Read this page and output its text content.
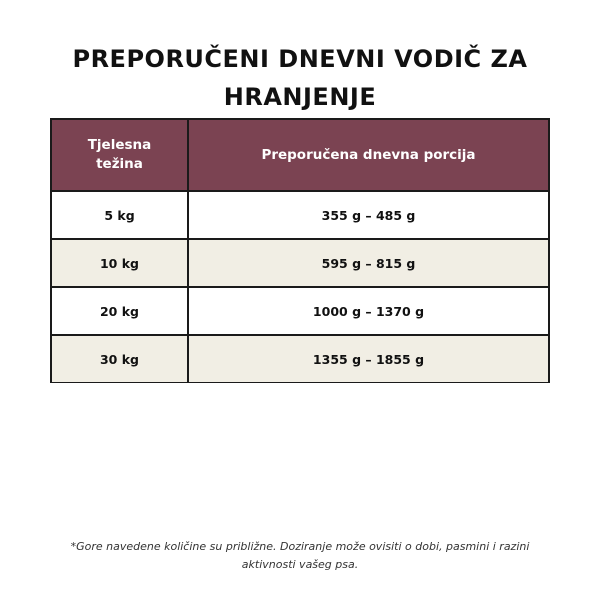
PREPORUČENI DNEVNI VODIČ ZA
HRANJENJE
Tjelesna težina	Preporučena dnevna porcija
5 kg	355 g – 485 g
10 kg	595 g – 815 g
20 kg	1000 g – 1370 g
30 kg	1355 g – 1855 g
*Gore navedene količine su približne. Doziranje može ovisiti o dobi, pasmini i razini
aktivnosti vašeg psa.
